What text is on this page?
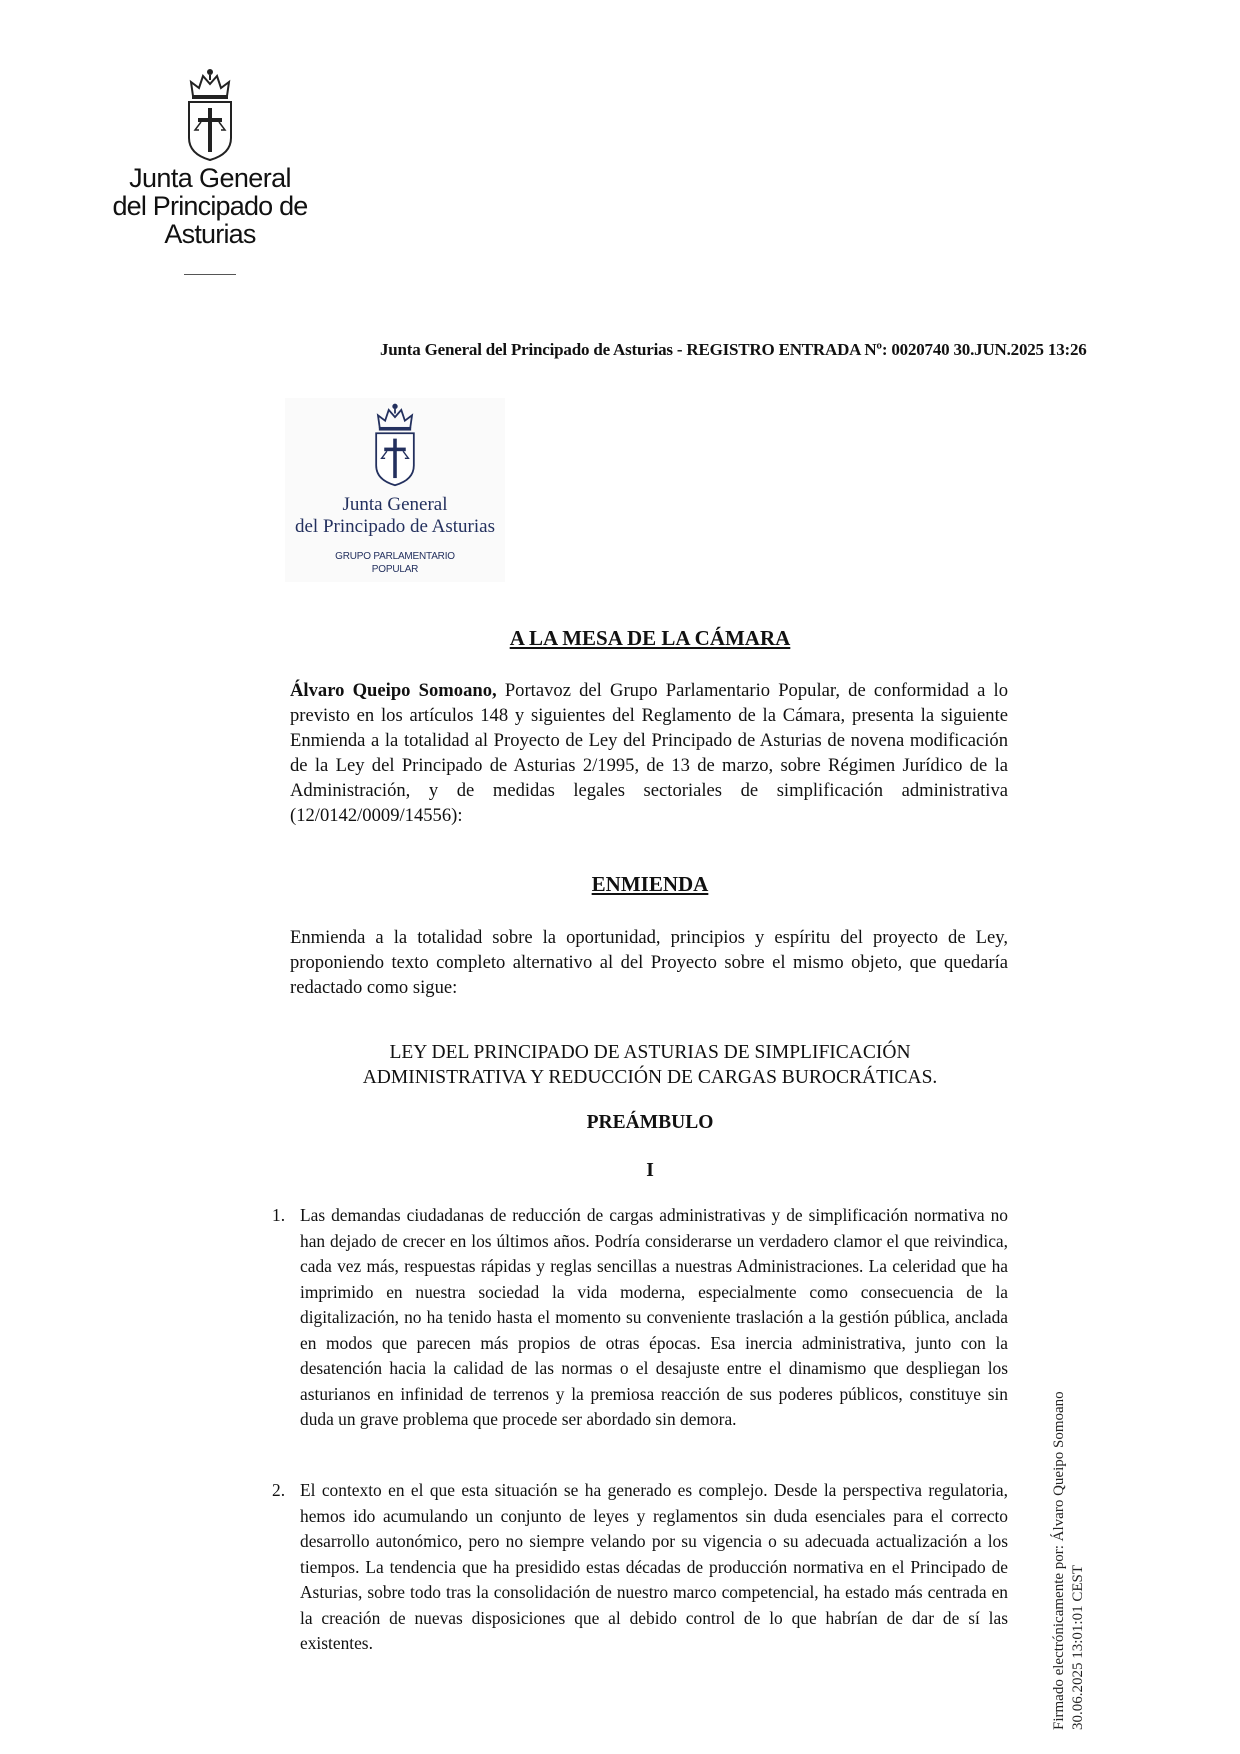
Junta General
del Principado de Asturias
Junta General del Principado de Asturias - REGISTRO ENTRADA Nº: 0020740 30.JUN.2025 13:26
Junta General
del Principado de Asturias
GRUPO PARLAMENTARIO
POPULAR
A LA MESA DE LA CÁMARA
Álvaro Queipo Somoano, Portavoz del Grupo Parlamentario Popular, de conformidad a lo previsto en los artículos 148 y siguientes del Reglamento de la Cámara, presenta la siguiente Enmienda a la totalidad al Proyecto de Ley del Principado de Asturias de novena modificación de la Ley del Principado de Asturias 2/1995, de 13 de marzo, sobre Régimen Jurídico de la Administración, y de medidas legales sectoriales de simplificación administrativa (12/0142/0009/14556):
ENMIENDA
Enmienda a la totalidad sobre la oportunidad, principios y espíritu del proyecto de Ley, proponiendo texto completo alternativo al del Proyecto sobre el mismo objeto, que quedaría redactado como sigue:
LEY DEL PRINCIPADO DE ASTURIAS DE SIMPLIFICACIÓN
ADMINISTRATIVA Y REDUCCIÓN DE CARGAS BUROCRÁTICAS.
PREÁMBULO
I
1. Las demandas ciudadanas de reducción de cargas administrativas y de simplificación normativa no han dejado de crecer en los últimos años. Podría considerarse un verdadero clamor el que reivindica, cada vez más, respuestas rápidas y reglas sencillas a nuestras Administraciones. La celeridad que ha imprimido en nuestra sociedad la vida moderna, especialmente como consecuencia de la digitalización, no ha tenido hasta el momento su conveniente traslación a la gestión pública, anclada en modos que parecen más propios de otras épocas. Esa inercia administrativa, junto con la desatención hacia la calidad de las normas o el desajuste entre el dinamismo que despliegan los asturianos en infinidad de terrenos y la premiosa reacción de sus poderes públicos, constituye sin duda un grave problema que procede ser abordado sin demora.
2. El contexto en el que esta situación se ha generado es complejo. Desde la perspectiva regulatoria, hemos ido acumulando un conjunto de leyes y reglamentos sin duda esenciales para el correcto desarrollo autonómico, pero no siempre velando por su vigencia o su adecuada actualización a los tiempos. La tendencia que ha presidido estas décadas de producción normativa en el Principado de Asturias, sobre todo tras la consolidación de nuestro marco competencial, ha estado más centrada en la creación de nuevas disposiciones que al debido control de lo que habrían de dar de sí las existentes.	Firmado electrónicamente por: Álvaro Queipo Somoano 30.06.2025 13:01:01 CEST
